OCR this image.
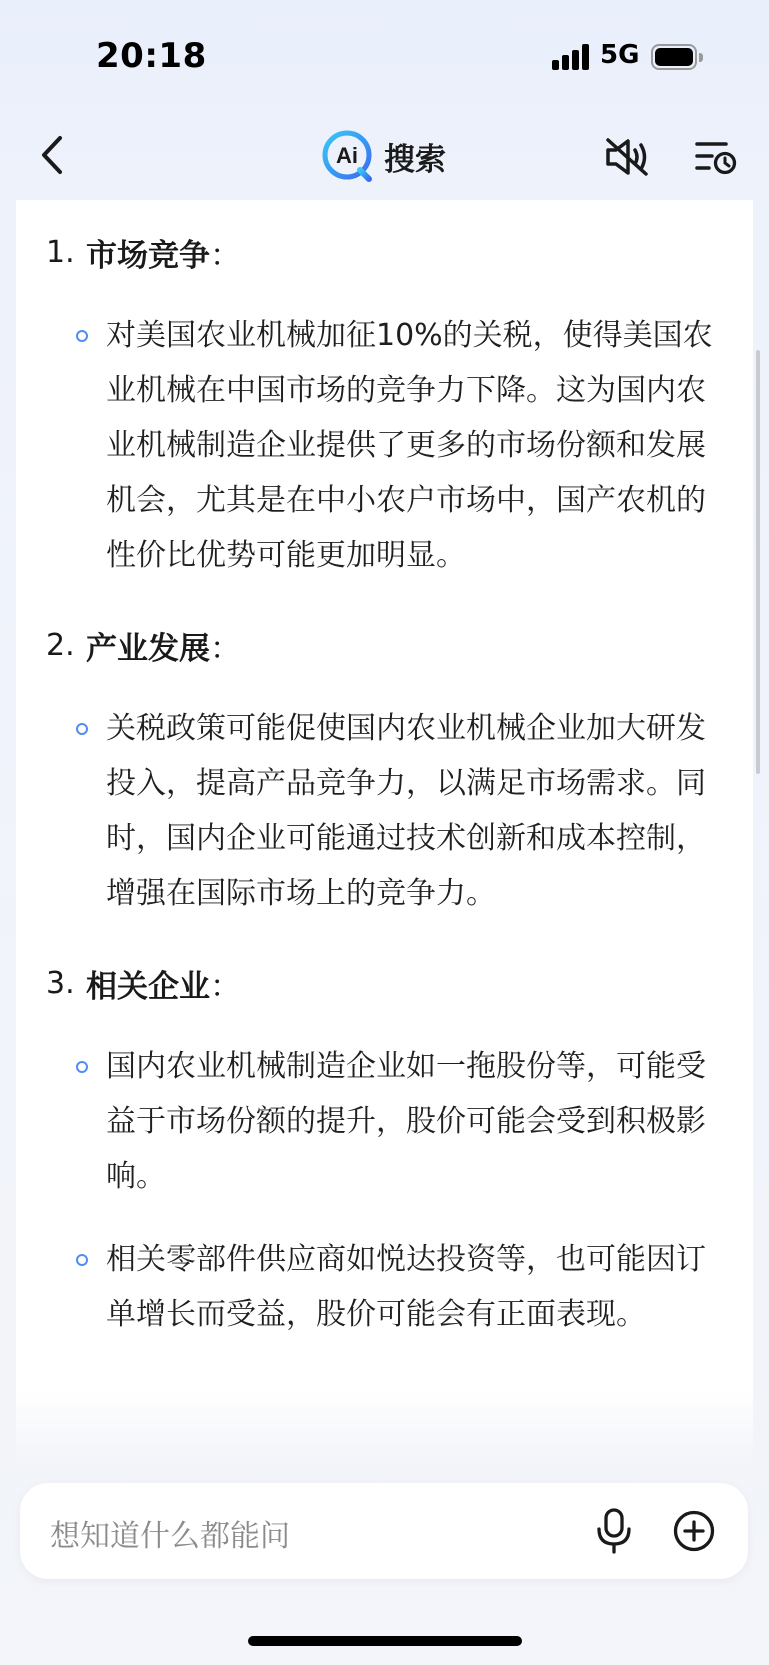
20:18	5G
Ai 搜索
1. 市场竞争 ：
对美国农业机械加征10%的关税，使得美国农业机械在中国市场的竞争力下降。这为国内农业机械制造企业提供了更多的市场份额和发展机会，尤其是在中小农户市场中，国产农机的性价比优势可能更加明显。
2. 产业发展 ：
关税政策可能促使国内农业机械企业加大研发投入，提高产品竞争力，以满足市场需求。同时，国内企业可能通过技术创新和成本控制，增强在国际市场上的竞争力。
3. 相关企业 ：
国内农业机械制造企业如一拖股份等，可能受益于市场份额的提升，股价可能会受到积极影响。
相关零部件供应商如悦达投资等，也可能因订单增长而受益，股价可能会有正面表现。
想知道什么都能问
